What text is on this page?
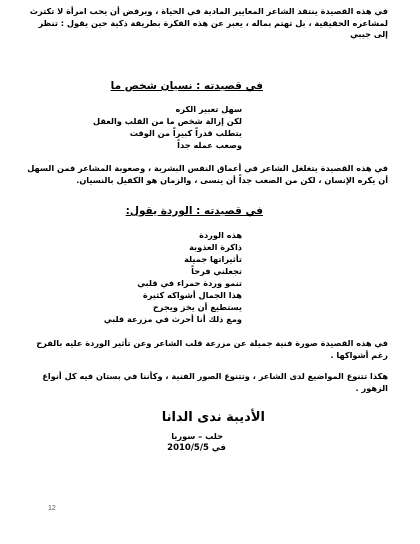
في هذه القصيدة ينتقد الشاعر المعايير المادية في الحياة ، ويرفض أن يحب امرأة لا تكترث لمشاعره الحقيقية ، بل تهتم بماله ، يعبر عن هذه الفكرة بطريقة ذكية حين يقول : تنظر إلى جيبي

في قصيدته : نسيان شخص ما
سهل تعبير الكره
لكن إزالة شخص ما من القلب والعقل
يتطلب قدراً كبيراً من الوقت
وصعب عمله جداً

في هذه القصيدة يتغلغل الشاعر في أعماق النفس البشرية ، وصعوبة المشاعر فمن السهل أن يكره الإنسان ، لكن من الصعب جداً أن ينسى ، والزمان هو الكفيل بالنسيان.

في قصيدته : الوردة يقول:
هذه الوردة
ذاكرة العذوبة
تأثيراتها جميلة
تجعلني فرحاً
تنمو وردة حمراء في قلبي
هذا الجمال أشواكه كثيرة
يستطيع أن يخز ويجرح
ومع ذلك أنا أحرث في مزرعة قلبي

في هذه القصيدة صورة فنية جميلة عن مزرعة قلب الشاعر وعن تأثير الوردة عليه بالفرح رغم أشواكها .

هكذا تتنوع المواضيع لدى الشاعر ، وتتنوع الصور الفنية ، وكأننا في بستان فيه كل أنواع الزهور .

الأديبة ندى الدانا
حلب – سوريا
في 2010/5/5
12
